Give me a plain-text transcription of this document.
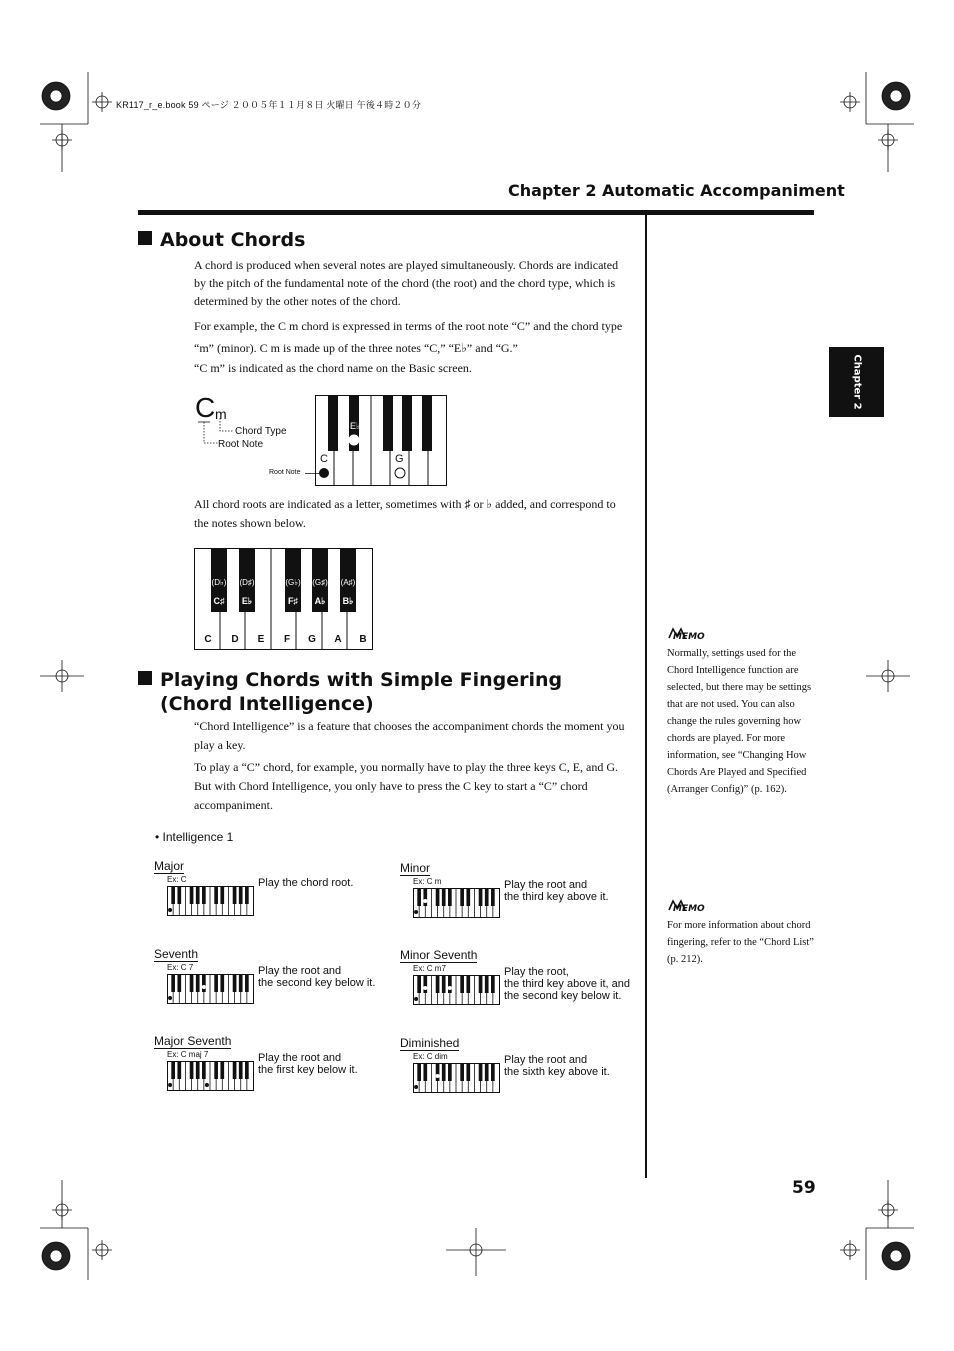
KR117_r_e.book 59 ページ ２００５年１１月８日 火曜日 午後４時２０分
Chapter 2 Automatic Accompaniment
Chapter 2
About Chords
A chord is produced when several notes are played simultaneously. Chords are indicated by the pitch of the fundamental note of the chord (the root) and the chord type, which is determined by the other notes of the chord.
For example, the C m chord is expressed in terms of the root note “C” and the chord type “m” (minor). C m is made up of the three notes “C,” “E♭” and “G.”
“C m” is indicated as the chord name on the Basic screen.
C m
Chord Type
Root Note
C
E♭
G
Root Note
All chord roots are indicated as a letter, sometimes with ♯ or ♭ added, and correspond to the notes shown below.
C	D	E	F	G	A	B
(D♭)
C♯
(D♯)
E♭
(G♭)
F♯
(G♯)
A♭
(A♯)
B♭
Playing Chords with Simple Fingering
(Chord Intelligence)
“Chord Intelligence” is a feature that chooses the accompaniment chords the moment you play a key.
To play a “C” chord, for example, you normally have to play the three keys C, E, and G. But with Chord Intelligence, you only have to press the C key to start a “C” chord accompaniment.
• Intelligence 1
Major
Ex: C	Play the chord root.
Minor
Ex: C m	Play the root and
the third key above it.
Seventh
Ex: C 7	Play the root and
the second key below it.
Minor Seventh
Ex: C m7	Play the root,
the third key above it, and
the second key below it.
Major Seventh
Ex: C maj 7	Play the root and
the first key below it.
Diminished
Ex: C dim	Play the root and
the sixth key above it.
MEMO
Normally, settings used for the Chord Intelligence function are selected, but there may be settings that are not used. You can also change the rules governing how chords are played. For more information, see “Changing How Chords Are Played and Specified (Arranger Config)” (p. 162).
MEMO
For more information about chord fingering, refer to the “Chord List” (p. 212).
59
